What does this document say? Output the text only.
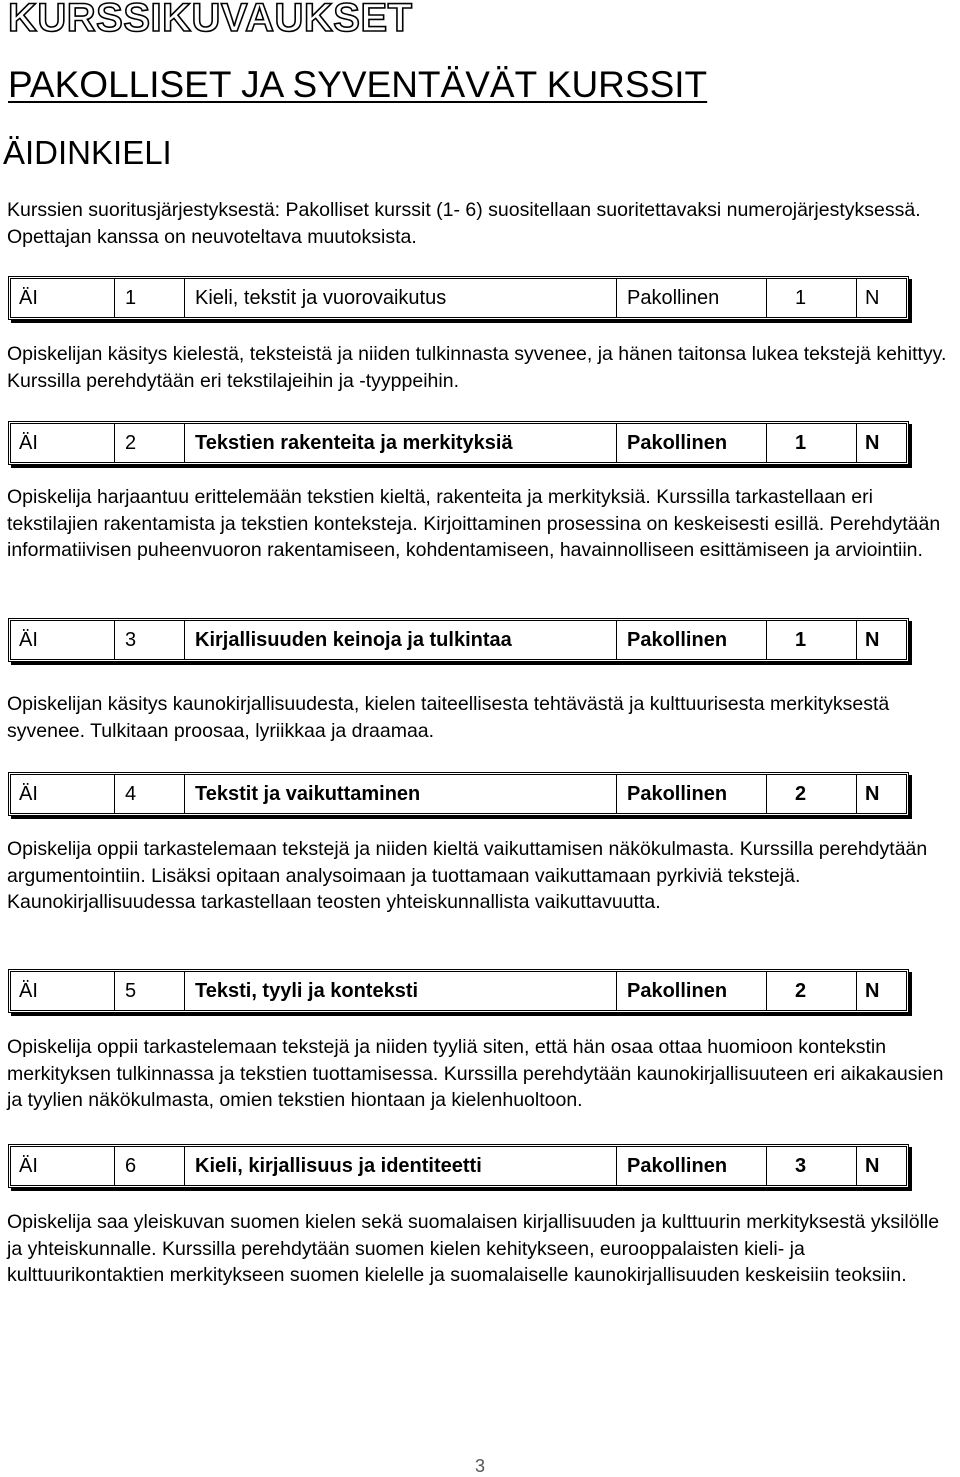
KURSSIKUVAUKSET
PAKOLLISET JA SYVENTÄVÄT KURSSIT
ÄIDINKIELI
Kurssien suoritusjärjestyksestä: Pakolliset kurssit (1- 6) suositellaan suoritettavaksi numerojärjestyksessä. Opettajan kanssa on neuvoteltava muutoksista.
ÄI	1	Kieli, tekstit ja vuorovaikutus	Pakollinen	1	N
Opiskelijan käsitys kielestä, teksteistä ja niiden tulkinnasta syvenee, ja hänen taitonsa lukea tekstejä kehittyy. Kurssilla perehdytään eri tekstilajeihin ja -tyyppeihin.
ÄI	2	Tekstien rakenteita ja merkityksiä	Pakollinen	1	N
Opiskelija harjaantuu erittelemään tekstien kieltä, rakenteita ja merkityksiä. Kurssilla tarkastellaan eri tekstilajien rakentamista ja tekstien konteksteja. Kirjoittaminen prosessina on keskeisesti esillä. Perehdytään informatiivisen puheenvuoron rakentamiseen, kohdentamiseen, havainnolliseen esittämiseen ja arviointiin.
ÄI	3	Kirjallisuuden keinoja ja tulkintaa	Pakollinen	1	N
Opiskelijan käsitys kaunokirjallisuudesta, kielen taiteellisesta tehtävästä ja kulttuurisesta merkityksestä syvenee. Tulkitaan proosaa, lyriikkaa ja draamaa.
ÄI	4	Tekstit ja vaikuttaminen	Pakollinen	2	N
Opiskelija oppii tarkastelemaan tekstejä ja niiden kieltä vaikuttamisen näkökulmasta. Kurssilla perehdytään argumentointiin. Lisäksi opitaan analysoimaan ja tuottamaan vaikuttamaan pyrkiviä tekstejä. Kaunokirjallisuudessa tarkastellaan teosten yhteiskunnallista vaikuttavuutta.
ÄI	5	Teksti, tyyli ja konteksti	Pakollinen	2	N
Opiskelija oppii tarkastelemaan tekstejä ja niiden tyyliä siten, että hän osaa ottaa huomioon kontekstin merkityksen tulkinnassa ja tekstien tuottamisessa. Kurssilla perehdytään kaunokirjallisuuteen eri aikakausien ja tyylien näkökulmasta, omien tekstien hiontaan ja kielenhuoltoon.
ÄI	6	Kieli, kirjallisuus ja identiteetti	Pakollinen	3	N
Opiskelija saa yleiskuvan suomen kielen sekä suomalaisen kirjallisuuden ja kulttuurin merkityksestä yksilölle ja yhteiskunnalle. Kurssilla perehdytään suomen kielen kehitykseen, eurooppalaisten kieli- ja kulttuurikontaktien merkitykseen suomen kielelle ja suomalaiselle kaunokirjallisuuden keskeisiin teoksiin.
3
